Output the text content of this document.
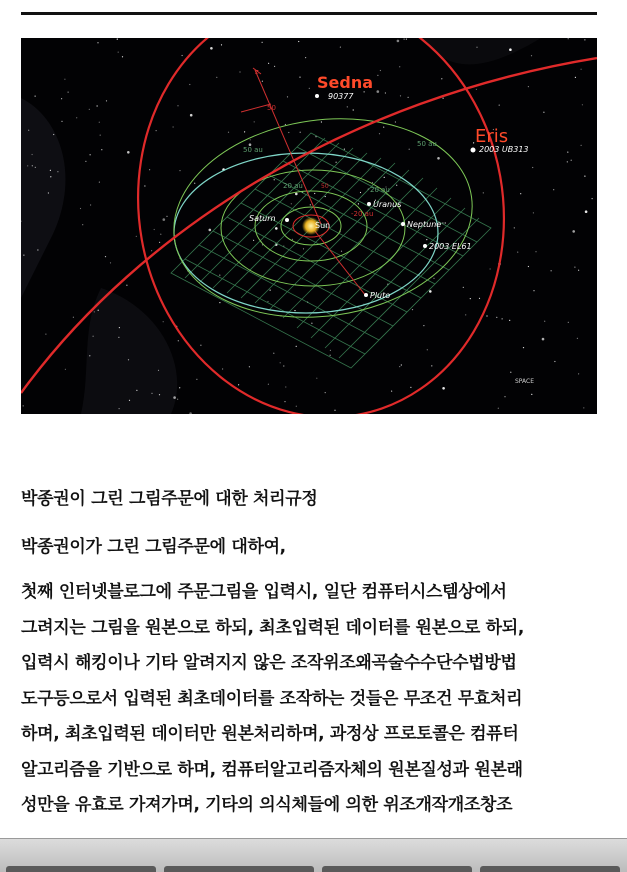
Sedna
90377
Eris
2003 UB313
Uranus
Neptune
Saturn
Sun
2003 EL61
Pluto
50 au
50 au
50
20 au	20 au
-20 au
z
50
SPACE

박종권이 그린 그림주문에 대한 처리규정

박종권이가 그린 그림주문에 대하여,

첫째 인터넷블로그에 주문그림을 입력시, 일단 컴퓨터시스템상에서

그려지는 그림을 원본으로 하되, 최초입력된 데이터를 원본으로 하되,

입력시 해킹이나 기타 알려지지 않은 조작위조왜곡술수수단수법방법

도구등으로서 입력된 최초데이터를 조작하는 것들은 무조건 무효처리

하며, 최초입력된 데이터만 원본처리하며, 과정상 프로토콜은 컴퓨터

알고리즘을 기반으로 하며, 컴퓨터알고리즘자체의 원본질성과 원본래

성만을 유효로 가져가며, 기타의 의식체들에 의한 위조개작개조창조
